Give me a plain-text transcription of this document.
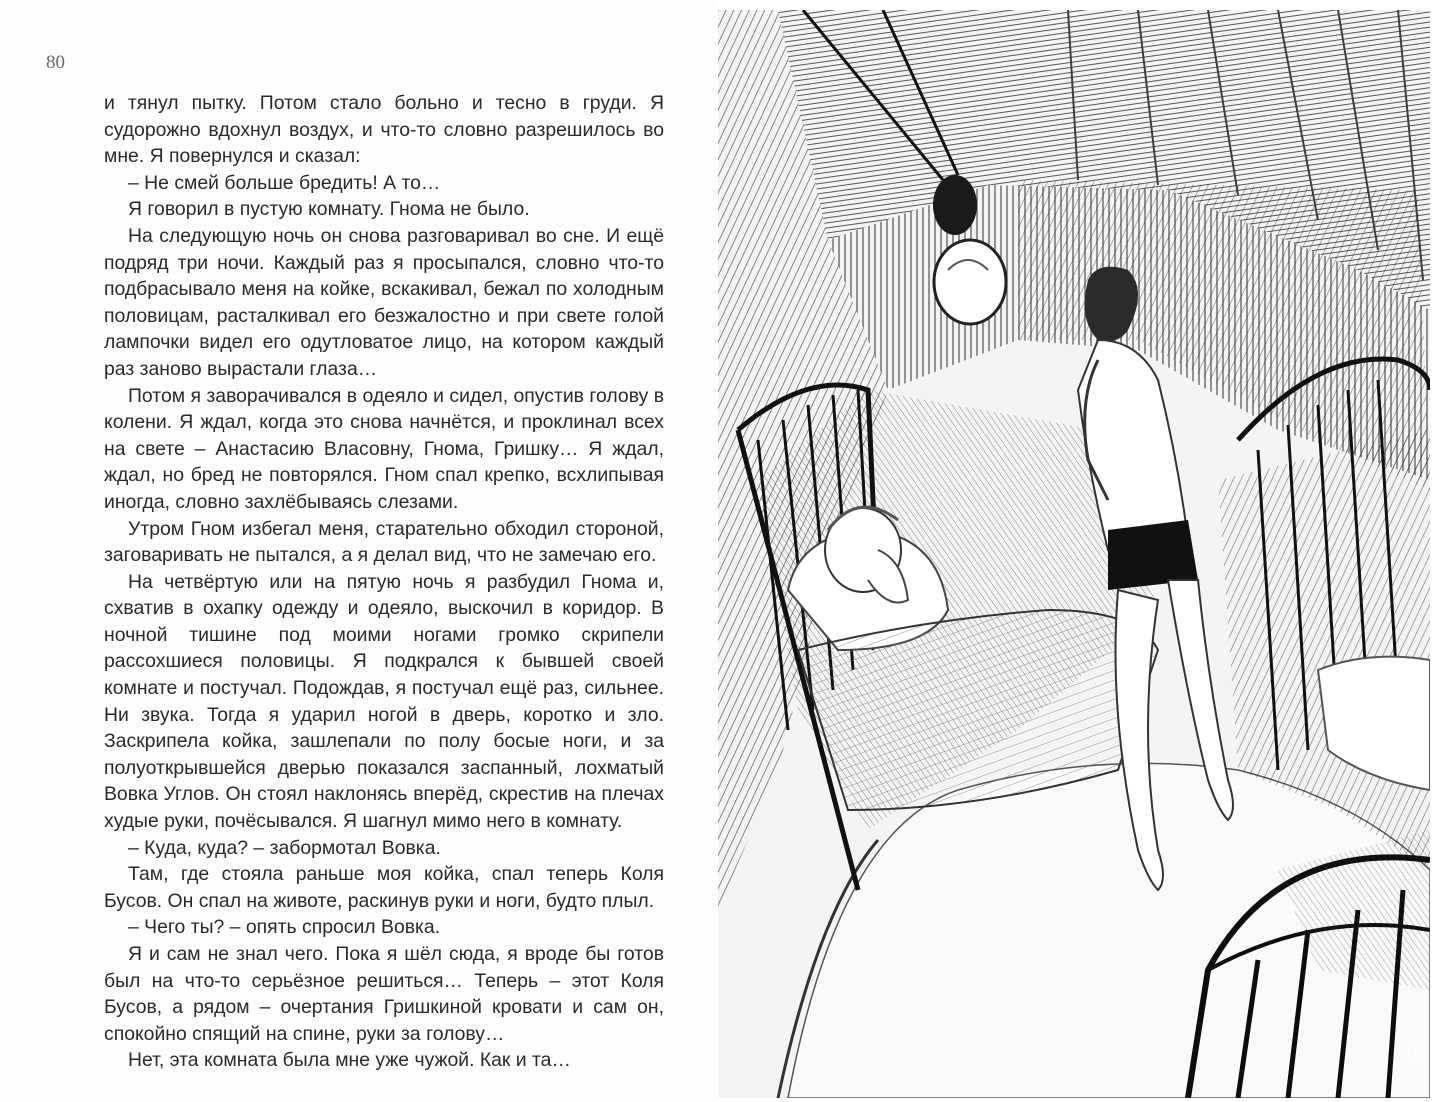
80

и тянул пытку. Потом стало больно и тесно в груди. Я судорожно вдохнул воздух, и что-то словно разрешилось во мне. Я повернулся и сказал:

– Не смей больше бредить! А то…

Я говорил в пустую комнату. Гнома не было.

На следующую ночь он снова разговаривал во сне. И ещё подряд три ночи. Каждый раз я просыпался, словно что-то подбрасывало меня на койке, вскакивал, бежал по холодным половицам, расталкивал его безжалостно и при свете голой лампочки видел его одутловатое лицо, на котором каждый раз заново вырастали глаза…

Потом я заворачивался в одеяло и сидел, опустив голову в колени. Я ждал, когда это снова начнётся, и проклинал всех на свете – Анастасию Власовну, Гнома, Гришку… Я ждал, ждал, но бред не повторялся. Гном спал крепко, всхлипывая иногда, словно захлёбываясь слезами.

Утром Гном избегал меня, старательно обходил стороной, заговаривать не пытался, а я делал вид, что не замечаю его.

На четвёртую или на пятую ночь я разбудил Гнома и, схватив в охапку одежду и одеяло, выскочил в коридор. В ночной тишине под моими ногами громко скрипели рассохшиеся половицы. Я подкрался к бывшей своей комнате и постучал. Подождав, я постучал ещё раз, сильнее. Ни звука. Тогда я ударил ногой в дверь, коротко и зло. Заскрипела койка, зашлепали по полу босые ноги, и за полуоткрывшейся дверью показался заспанный, лохматый Вовка Углов. Он стоял наклонясь вперёд, скрестив на плечах худые руки, почёсывался. Я шагнул мимо него в комнату.

– Куда, куда? – забормотал Вовка.

Там, где стояла раньше моя койка, спал теперь Коля Бусов. Он спал на животе, раскинув руки и ноги, будто плыл.

– Чего ты? – опять спросил Вовка.

Я и сам не знал чего. Пока я шёл сюда, я вроде бы готов был на что-то серьёзное решиться… Теперь – этот Коля Бусов, а рядом – очертания Гришкиной кровати и сам он, спокойно спящий на спине, руки за голову…

Нет, эта комната была мне уже чужой. Как и та…	81
